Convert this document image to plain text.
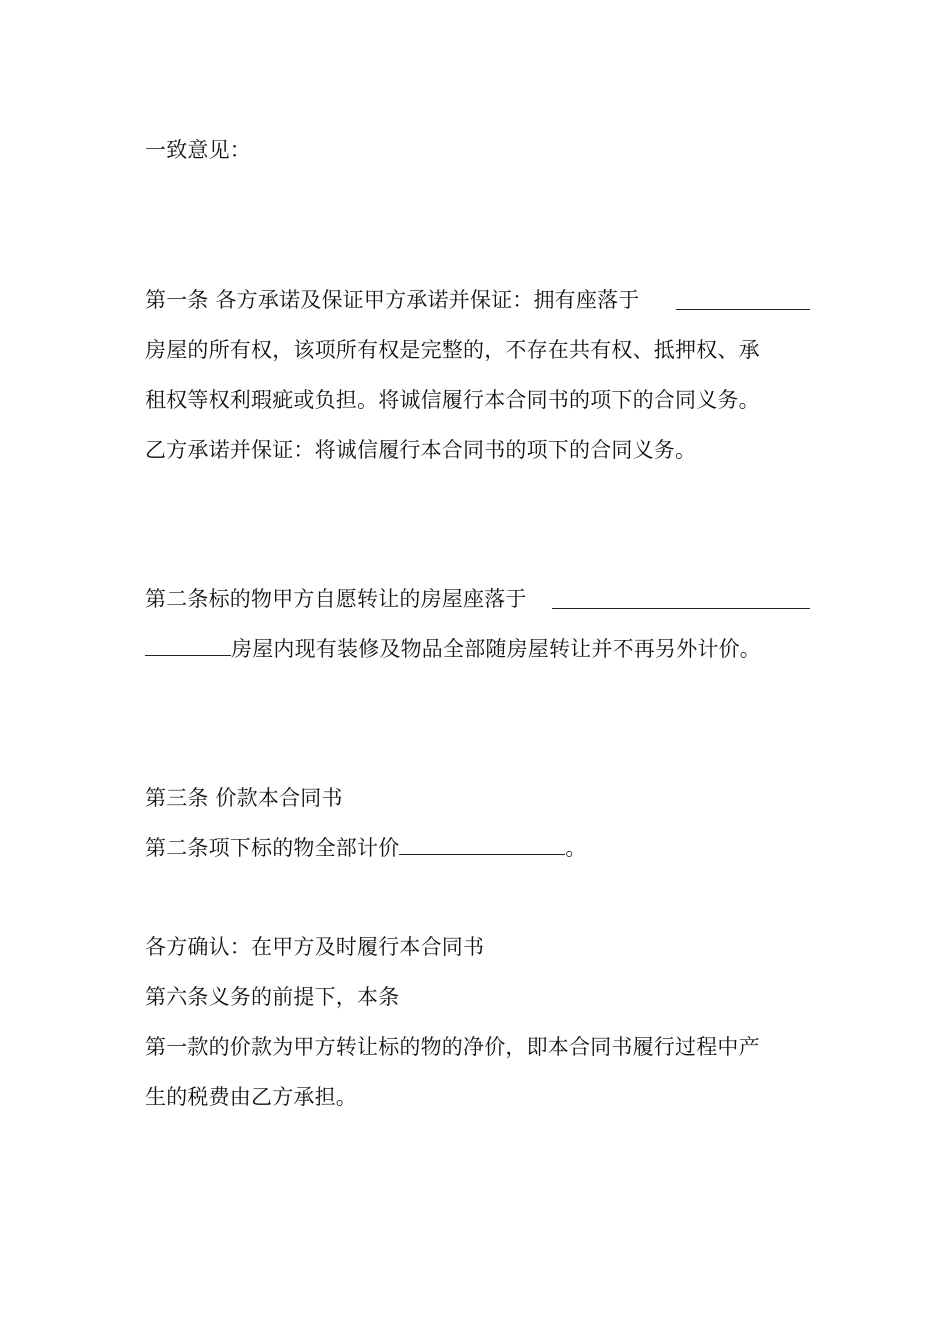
一致意见：
第一条 各方承诺及保证甲方承诺并保证：拥有座落于
房屋的所有权，该项所有权是完整的，不存在共有权、抵押权、承
租权等权利瑕疵或负担。将诚信履行本合同书的项下的合同义务。
乙方承诺并保证：将诚信履行本合同书的项下的合同义务。
第二条标的物甲方自愿转让的房屋座落于
房屋内现有装修及物品全部随房屋转让并不再另外计价。
第三条 价款本合同书
第二条项下标的物全部计价	。
各方确认：在甲方及时履行本合同书
第六条义务的前提下，本条
第一款的价款为甲方转让标的物的净价，即本合同书履行过程中产
生的税费由乙方承担。
